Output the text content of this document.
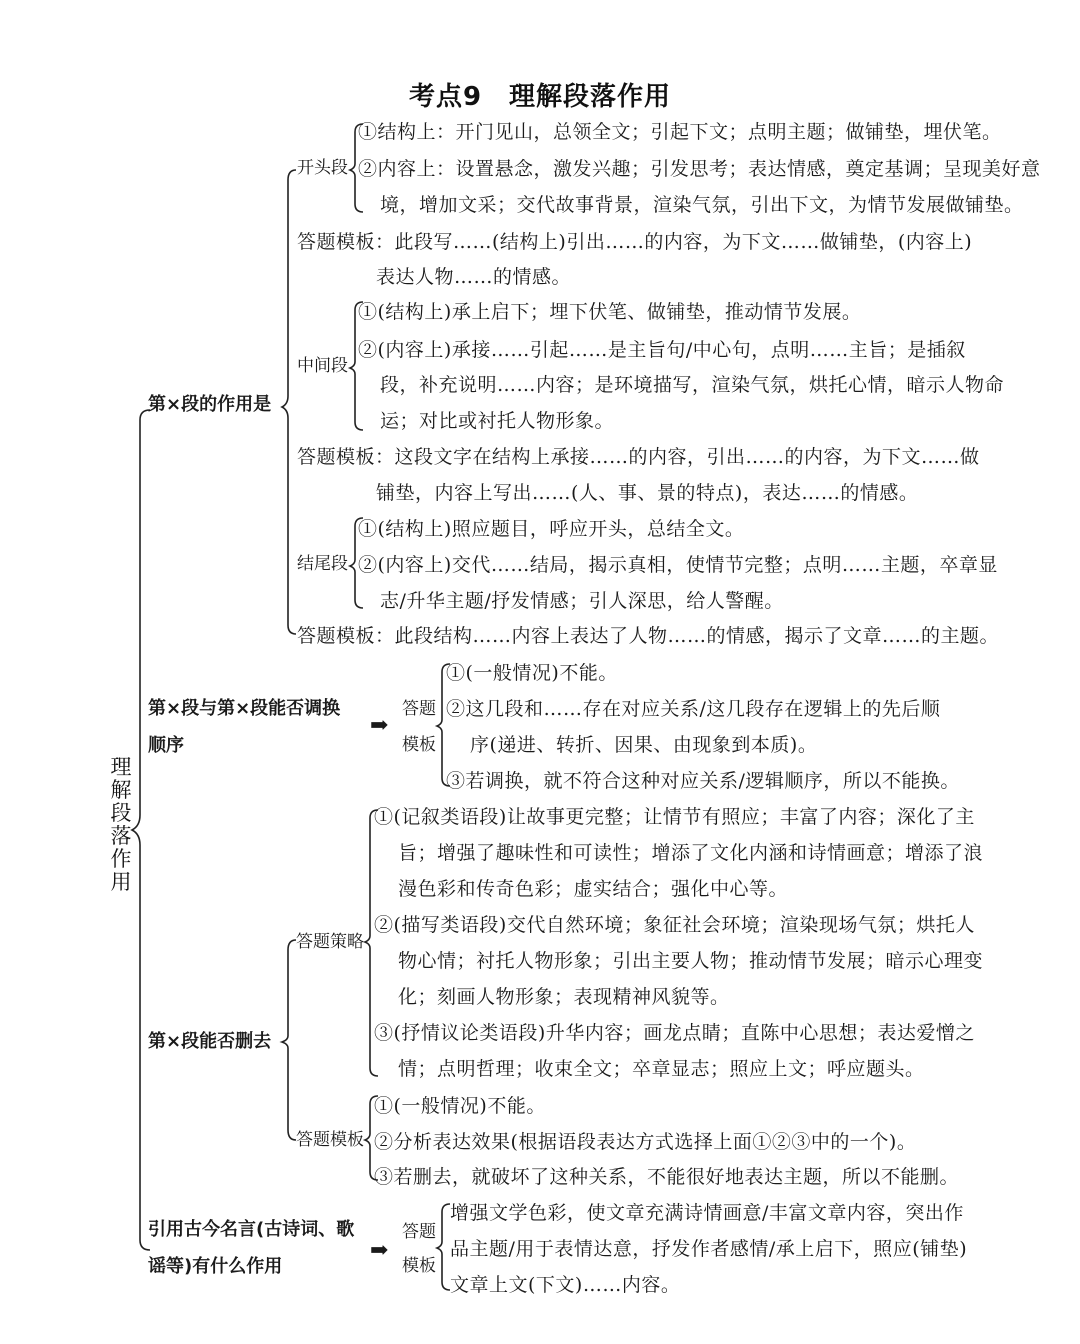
考点9　理解段落作用
理解段落作用
第×段的作用是
开头段
①结构上：开门见山，总领全文；引起下文；点明主题；做铺垫，埋伏笔。
②内容上：设置悬念，激发兴趣；引发思考；表达情感，奠定基调；呈现美好意
境，增加文采；交代故事背景，渲染气氛，引出下文，为情节发展做铺垫。
答题模板：此段写……(结构上)引出……的内容，为下文……做铺垫，(内容上)
表达人物……的情感。
中间段
①(结构上)承上启下；埋下伏笔、做铺垫，推动情节发展。
②(内容上)承接……引起……是主旨句/中心句，点明……主旨；是插叙
段，补充说明……内容；是环境描写，渲染气氛，烘托心情，暗示人物命
运；对比或衬托人物形象。
答题模板：这段文字在结构上承接……的内容，引出……的内容，为下文……做
铺垫，内容上写出……(人、事、景的特点)，表达……的情感。
结尾段
①(结构上)照应题目，呼应开头，总结全文。
②(内容上)交代……结局，揭示真相，使情节完整；点明……主题，卒章显
志/升华主题/抒发情感；引人深思，给人警醒。
答题模板：此段结构……内容上表达了人物……的情感，揭示了文章……的主题。
第×段与第×段能否调换
顺序
➡
答题
模板
①(一般情况)不能。
②这几段和……存在对应关系/这几段存在逻辑上的先后顺
序(递进、转折、因果、由现象到本质)。
③若调换，就不符合这种对应关系/逻辑顺序，所以不能换。
第×段能否删去
答题策略
①(记叙类语段)让故事更完整；让情节有照应；丰富了内容；深化了主
旨；增强了趣味性和可读性；增添了文化内涵和诗情画意；增添了浪
漫色彩和传奇色彩；虚实结合；强化中心等。
②(描写类语段)交代自然环境；象征社会环境；渲染现场气氛；烘托人
物心情；衬托人物形象；引出主要人物；推动情节发展；暗示心理变
化；刻画人物形象；表现精神风貌等。
③(抒情议论类语段)升华内容；画龙点睛；直陈中心思想；表达爱憎之
情；点明哲理；收束全文；卒章显志；照应上文；呼应题头。
答题模板
①(一般情况)不能。
②分析表达效果(根据语段表达方式选择上面①②③中的一个)。
③若删去，就破坏了这种关系，不能很好地表达主题，所以不能删。
引用古今名言(古诗词、歌
谣等)有什么作用
➡
答题
模板
增强文学色彩，使文章充满诗情画意/丰富文章内容，突出作
品主题/用于表情达意，抒发作者感情/承上启下，照应(铺垫)
文章上文(下文)……内容。
